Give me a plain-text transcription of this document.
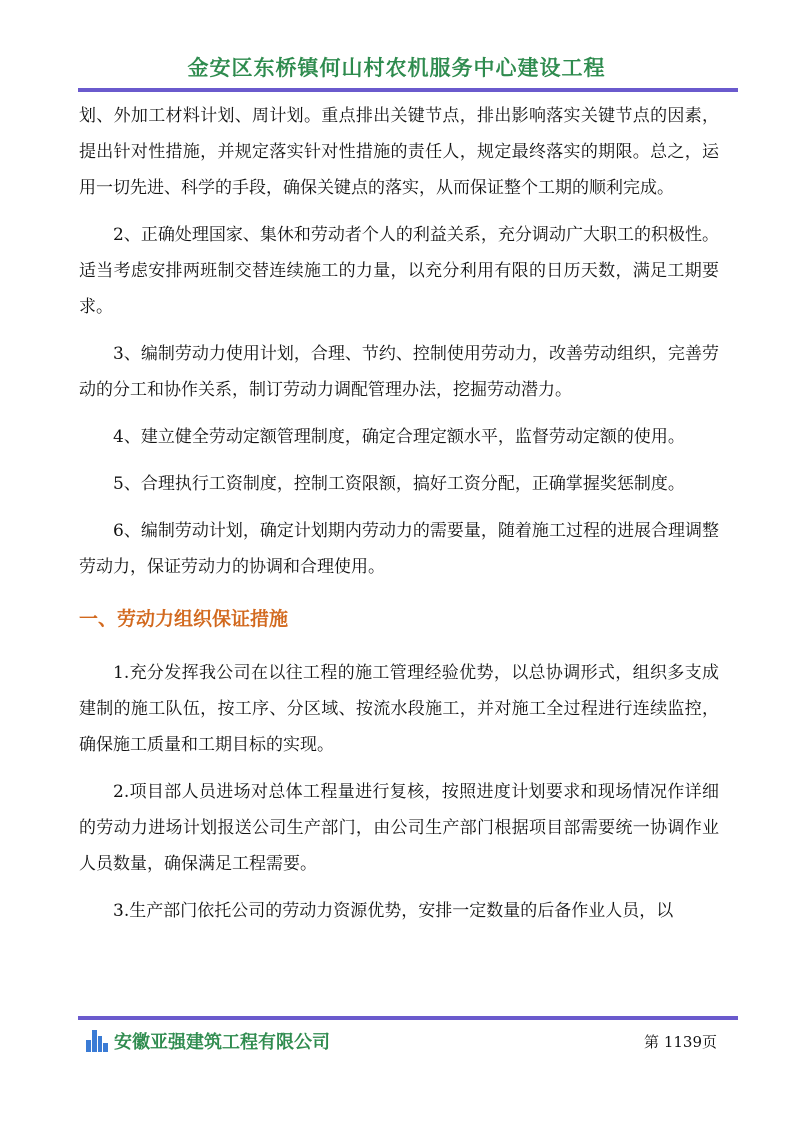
金安区东桥镇何山村农机服务中心建设工程

划、外加工材料计划、周计划。重点排出关键节点，排出影响落实关键节点的因素，提出针对性措施，并规定落实针对性措施的责任人，规定最终落实的期限。总之，运用一切先进、科学的手段，确保关键点的落实，从而保证整个工期的顺利完成。

2、正确处理国家、集休和劳动者个人的利益关系，充分调动广大职工的积极性。适当考虑安排两班制交替连续施工的力量，以充分利用有限的日历天数，满足工期要求。

3、编制劳动力使用计划，合理、节约、控制使用劳动力，改善劳动组织，完善劳动的分工和协作关系，制订劳动力调配管理办法，挖掘劳动潜力。

4、建立健全劳动定额管理制度，确定合理定额水平，监督劳动定额的使用。

5、合理执行工资制度，控制工资限额，搞好工资分配，正确掌握奖惩制度。

6、编制劳动计划，确定计划期内劳动力的需要量，随着施工过程的进展合理调整劳动力，保证劳动力的协调和合理使用。

一、劳动力组织保证措施

1.充分发挥我公司在以往工程的施工管理经验优势，以总协调形式，组织多支成建制的施工队伍，按工序、分区域、按流水段施工，并对施工全过程进行连续监控，确保施工质量和工期目标的实现。

2.项目部人员进场对总体工程量进行复核，按照进度计划要求和现场情况作详细的劳动力进场计划报送公司生产部门，由公司生产部门根据项目部需要统一协调作业人员数量，确保满足工程需要。

3.生产部门依托公司的劳动力资源优势，安排一定数量的后备作业人员，以

安徽亚强建筑工程有限公司	第 1139页
